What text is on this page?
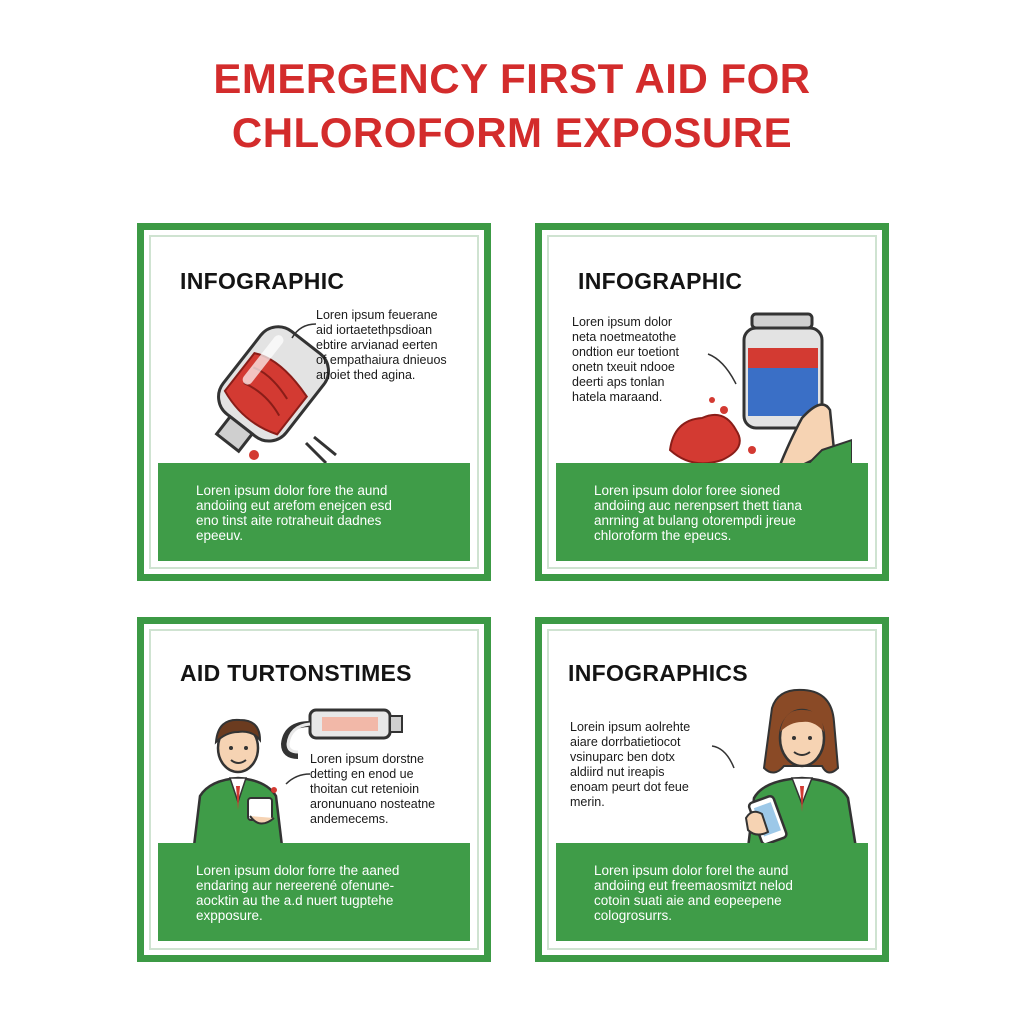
EMERGENCY FIRST AID FOR
CHLOROFORM EXPOSURE
INFOGRAPHIC
Loren ipsum feuerane
aid iortaetethpsdioan
ebtire arvianad eerten
of empathaiura dnieuos
anoiet thed agina.
Loren ipsum dolor fore the aund
andoiing eut arefom enejcen esd
eno tinst aite rotraheuit dadnes
epeeuv.
INFOGRAPHIC
Loren ipsum dolor
neta noetmeatothe
ondtion eur toetiont
onetn txeuit ndooe
deerti aps tonlan
hatela maraand.
Loren ipsum dolor foree sioned
andoiing auc nerenpsert thett tiana
anrning at bulang otorempdi jreue
chloroform the epeucs.
AID TURTONSTIMES
Loren ipsum dorstne
detting en enod ue
thoitan cut retenioin
aronunuano nosteatne
andemecems.
Loren ipsum dolor forre the aaned
endaring aur nereerené ofenune-
aocktin au the a.d nuert tugptehe
expposure.
INFOGRAPHICS
Lorein ipsum aolrehte
aiare dorrbatietiocot
vsinuparc ben dotx
aldiird nut ireapis
enoam peurt dot feue
merin.
Loren ipsum dolor forel the aund
andoiing eut freemaosmitzt nelod
cotoin suati aie and eopeepene
cologrosurrs.
